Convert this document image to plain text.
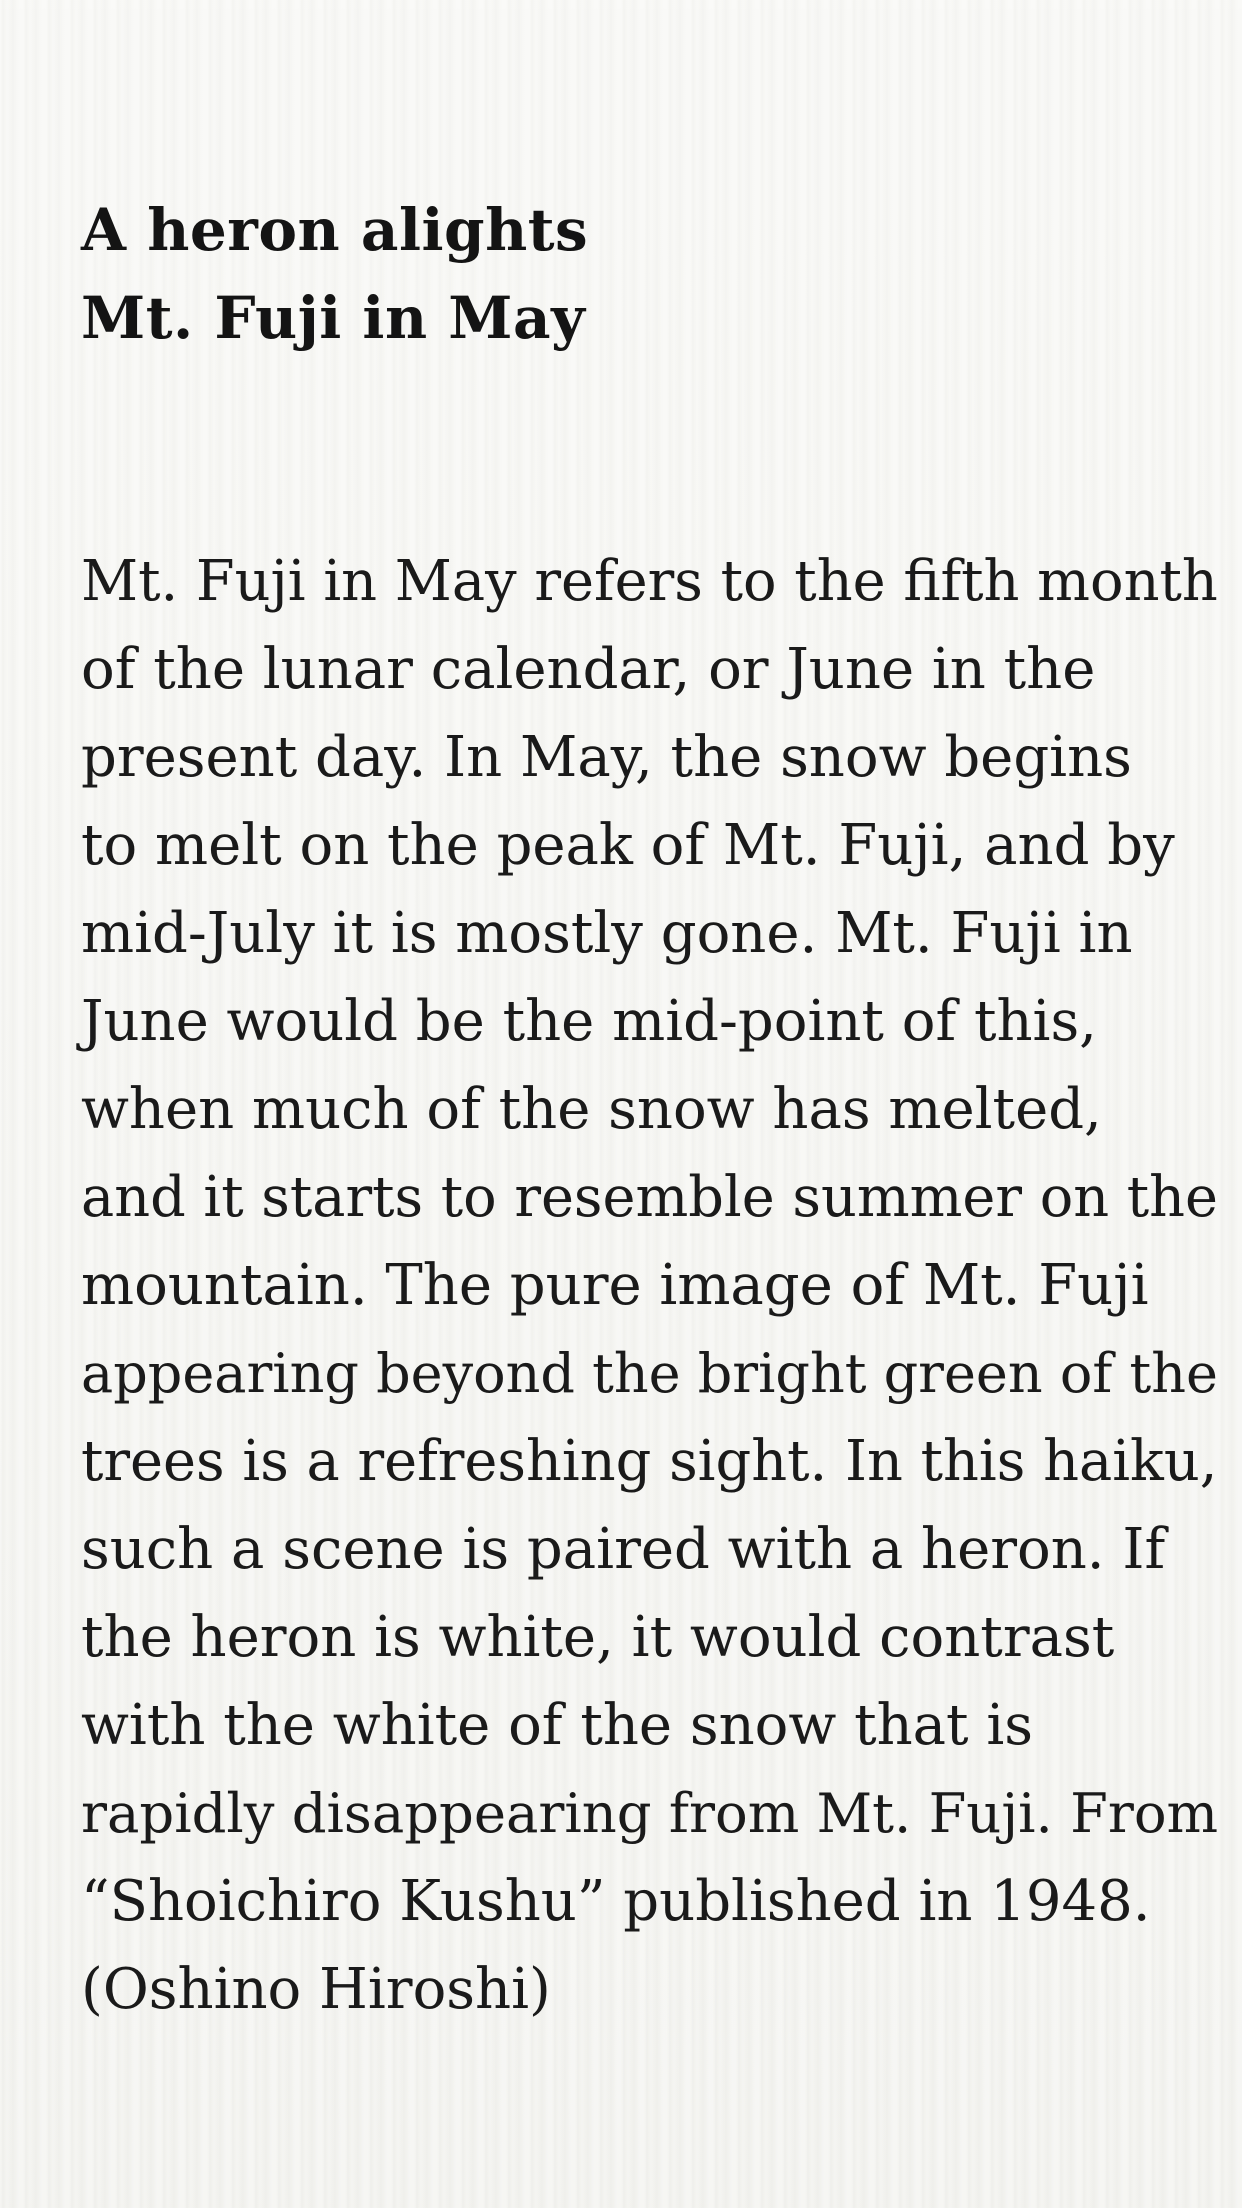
A heron alights
Mt. Fuji in May
Mt. Fuji in May refers to the fifth month
of the lunar calendar, or June in the
present day. In May, the snow begins
to melt on the peak of Mt. Fuji, and by
mid-July it is mostly gone. Mt. Fuji in
June would be the mid-point of this,
when much of the snow has melted,
and it starts to resemble summer on the
mountain. The pure image of Mt. Fuji
appearing beyond the bright green of the
trees is a refreshing sight. In this haiku,
such a scene is paired with a heron. If
the heron is white, it would contrast
with the white of the snow that is
rapidly disappearing from Mt. Fuji. From
“Shoichiro Kushu” published in 1948.
(Oshino Hiroshi)
